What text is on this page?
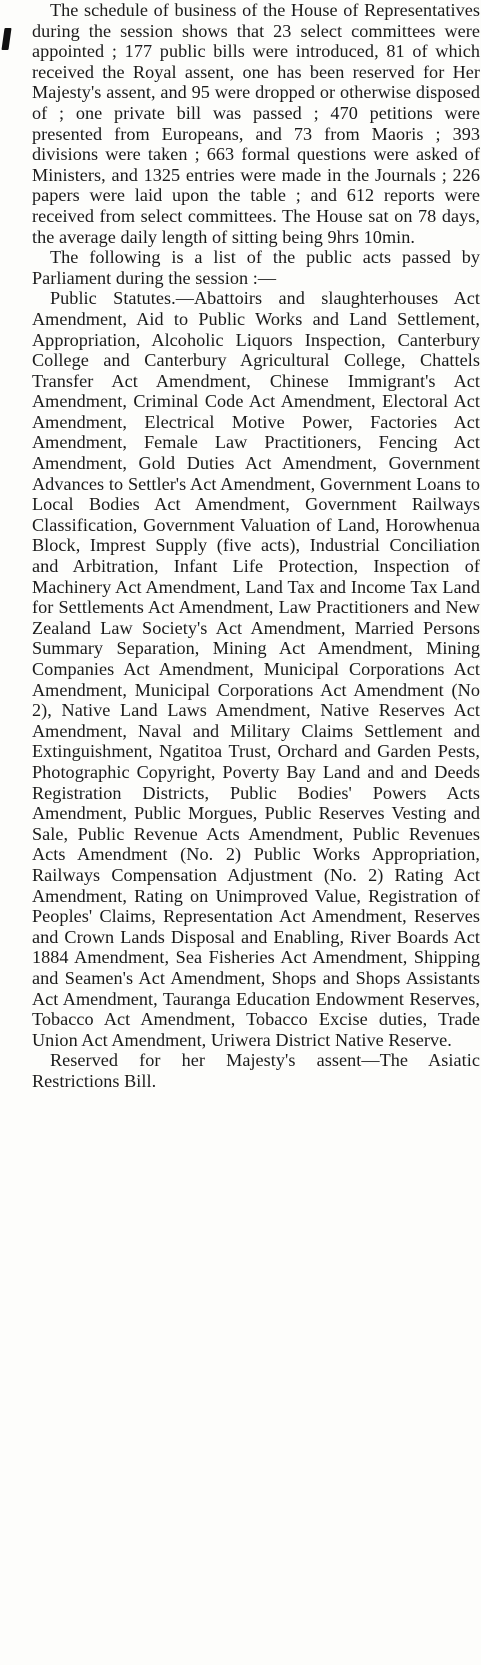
The schedule of business of the House of Representatives during the session shows that 23 select committees were appointed ; 177 public bills were introduced, 81 of which received the Royal assent, one has been reserved for Her Majesty's assent, and 95 were dropped or otherwise disposed of ; one private bill was passed ; 470 petitions were presented from Europeans, and 73 from Maoris ; 393 divisions were taken ; 663 formal questions were asked of Ministers, and 1325 entries were made in the Journals ; 226 papers were laid upon the table ; and 612 reports were received from select committees. The House sat on 78 days, the average daily length of sitting being 9hrs 10min.

The following is a list of the public acts passed by Parliament during the session :—

Public Statutes.—Abattoirs and slaughterhouses Act Amendment, Aid to Public Works and Land Settlement, Appropriation, Alcoholic Liquors Inspection, Canterbury College and Canterbury Agricultural College, Chattels Transfer Act Amendment, Chinese Immigrant's Act Amendment, Criminal Code Act Amendment, Electoral Act Amendment, Electrical Motive Power, Factories Act Amendment, Female Law Practitioners, Fencing Act Amendment, Gold Duties Act Amendment, Government Advances to Settler's Act Amendment, Government Loans to Local Bodies Act Amendment, Government Railways Classification, Government Valuation of Land, Horowhenua Block, Imprest Supply (five acts), Industrial Conciliation and Arbitration, Infant Life Protection, Inspection of Machinery Act Amendment, Land Tax and Income Tax Land for Settlements Act Amendment, Law Practitioners and New Zealand Law Society's Act Amendment, Married Persons Summary Separation, Mining Act Amendment, Mining Companies Act Amendment, Municipal Corporations Act Amendment, Municipal Corporations Act Amendment (No 2), Native Land Laws Amendment, Native Reserves Act Amendment, Naval and Military Claims Settlement and Extinguishment, Ngatitoa Trust, Orchard and Garden Pests, Photographic Copyright, Poverty Bay Land and and Deeds Registration Districts, Public Bodies' Powers Acts Amendment, Public Morgues, Public Reserves Vesting and Sale, Public Revenue Acts Amendment, Public Revenues Acts Amendment (No. 2) Public Works Appropriation, Railways Compensation Adjustment (No. 2) Rating Act Amendment, Rating on Unimproved Value, Registration of Peoples' Claims, Representation Act Amendment, Reserves and Crown Lands Disposal and Enabling, River Boards Act 1884 Amendment, Sea Fisheries Act Amendment, Shipping and Seamen's Act Amendment, Shops and Shops Assistants Act Amendment, Tauranga Education Endowment Reserves, Tobacco Act Amendment, Tobacco Excise duties, Trade Union Act Amendment, Uriwera District Native Reserve.

Reserved for her Majesty's assent—The Asiatic Restrictions Bill.
